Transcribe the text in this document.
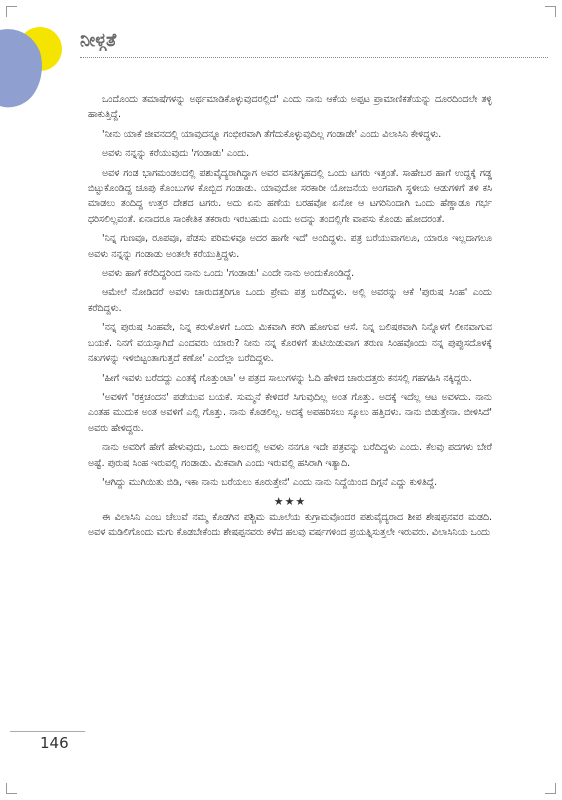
ನೀಳ್ಗತೆ

ಒಂದೊಂದು ತಮಾಷೆಗಳನ್ನು ಅರ್ಥಮಾಡಿಕೊಳ್ಳುವುದರಲ್ಲಿದೆ' ಎಂದು ನಾನು ಆಕೆಯ ಅಪ್ಪಟ ಪ್ರಾಮಾಣಿಕತೆಯನ್ನು ದೂರದಿಂದಲೇ ತಳ್ಳಿ ಹಾಕುತ್ತಿದ್ದೆ.

'ನೀನು ಯಾಕೆ ಜೀವನದಲ್ಲಿ ಯಾವುದನ್ನೂ ಗಂಭೀರವಾಗಿ ತೆಗೆದುಕೊಳ್ಳುವುದಿಲ್ಲ ಗಂಡಾಡೇ' ಎಂದು ವಿಲಾಸಿನಿ ಕೇಳಿದ್ದಳು.

ಅವಳು ನನ್ನನ್ನು ಕರೆಯುವುದು 'ಗಂಡಾಡು' ಎಂದು.

ಅವಳ ಗಂಡ ಭಾಗಮಂಡಲದಲ್ಲಿ ಪಶುವೈದ್ಯರಾಗಿದ್ದಾಗ ಅವರ ವಸತಿಗೃಹದಲ್ಲಿ ಒಂದು ಟಗರು ಇತ್ತಂತೆ. ಸಾಹೇಬರ ಹಾಗೆ ಉದ್ದಕ್ಕೆ ಗಡ್ಡ ಬಿಟ್ಟುಕೊಂಡಿದ್ದ ಚೂಪು ಕೊಂಬುಗಳ ಕೊಬ್ಬಿದ ಗಂಡಾಡು. ಯಾವುದೋ ಸರಕಾರೀ ಯೋಜನೆಯ ಅಂಗವಾಗಿ ಸ್ಥಳೀಯ ಆಡುಗಳಿಗೆ ತಳಿ ಕಸಿ ಮಾಡಲು ತಂದಿದ್ದ ಉತ್ತರ ದೇಶದ ಟಗರು. ಅದು ಏನು ಹಣೆಯ ಬರಹವೋ ಏನೋ ಆ ಟಗರಿನಿಂದಾಗಿ ಒಂದು ಹೆಣ್ಣಾಡೂ ಗರ್ಭ ಧರಿಸಲಿಲ್ಲವಂತೆ. ಏನಾದರೂ ಸಾಂಕೇತಿಕ ತಕರಾರು ಇರಬಹುದು ಎಂದು ಅದನ್ನು ತಂದಲ್ಲಿಗೇ ವಾಪಸು ಕೊಂಡು ಹೋದರಂತೆ.

'ನಿನ್ನ ಗುಣವೂ, ರೂಪವೂ, ಪೆಡಸು ಪರಿಮಳವೂ ಅದರ ಹಾಗೇ ಇದೆ' ಅಂದಿದ್ದಳು. ಪತ್ರ ಬರೆಯುವಾಗಲೂ, ಯಾರೂ ಇಲ್ಲದಾಗಲೂ ಅವಳು ನನ್ನನ್ನು ಗಂಡಾಡು ಅಂತಲೇ ಕರೆಯುತ್ತಿದ್ದಳು.

ಅವಳು ಹಾಗೆ ಕರೆದಿದ್ದರಿಂದ ನಾನು ಒಂದು 'ಗಂಡಾಡು' ಎಂದೇ ನಾನು ಅಂದುಕೊಂಡಿದ್ದೆ.

ಆಮೇಲೆ ನೋಡಿದರೆ ಅವಳು ಚಾರುದತ್ತರಿಗೂ ಒಂದು ಪ್ರೇಮ ಪತ್ರ ಬರೆದಿದ್ದಳು. ಅಲ್ಲಿ ಅವರನ್ನು ಆಕೆ 'ಪುರುಷ ಸಿಂಹ' ಎಂದು ಕರೆದಿದ್ದಳು.

'ನನ್ನ ಪುರುಷ ಸಿಂಹವೇ, ನಿನ್ನ ಕರುಳೊಳಗೆ ಒಂದು ಮಿಕವಾಗಿ ಕರಗಿ ಹೋಗುವ ಆಸೆ. ನಿನ್ನ ಬಲಿಷಠವಾಗಿ ನಿನ್ನೊಳಗೆ ಲೀನವಾಗುವ ಬಯಕೆ. ನಿನಗೆ ವಯಸ್ಸಾಗಿದೆ ಎಂದವರು ಯಾರು? ನೀನು ನನ್ನ ಕೊರಳಿಗೆ ತುಟಿಯಿಡುವಾಗ ತರುಣ ಸಿಂಹವೊಂದು ನನ್ನ ಪುಪ್ಪುಸದೊಳಕ್ಕೆ ನಖಗಳನ್ನು ಇಳಿಬಿಟ್ಟಂತಾಗುತ್ತದೆ ಕಣೋ' ಎಂದೆಲ್ಲಾ ಬರೆದಿದ್ದಳು.

'ಹೀಗೆ ಇವಳು ಬರೆದದ್ದು ಎಂತಕ್ಕೆ ಗೊತ್ತುಂಟಾ' ಆ ಪತ್ರದ ಸಾಲುಗಳನ್ನು ಓದಿ ಹೇಳಿದ ಚಾರುದತ್ತರು ಕನಸಲ್ಲಿ ಗಹಗಹಿಸಿ ನಕ್ಕಿದ್ದರು.

'ಅವಳಿಗೆ 'ರಕ್ತಚಂದನ' ಪಡೆಯುವ ಬಯಕೆ. ಸುಮ್ಮನೆ ಕೇಳಿದರೆ ಸಿಗುವುದಿಲ್ಲ ಅಂತ ಗೊತ್ತು. ಅದಕ್ಕೆ ಇದೆಲ್ಲ ಆಟ ಅವಳದು. ನಾನು ಎಂತಹ ಮುದುಕ ಅಂತ ಅವಳಿಗೆ ಎಲ್ಲಿ ಗೊತ್ತು. ನಾನು ಕೊಡಲಿಲ್ಲ. ಅದಕ್ಕೆ ಅಪಹರಿಸಲು ಸ್ಕೂಲು ಹತ್ತಿದಳು. ನಾನು ಬಿಡುತ್ತೇನಾ. ಬೀಳಿಸಿದೆ' ಅವರು ಹೇಳಿದ್ದರು.

ನಾನು ಅವರಿಗೆ ಹೇಗೆ ಹೇಳುವುದು, ಒಂದು ಕಾಲದಲ್ಲಿ ಅವಳು ನನಗೂ ಇದೇ ಪತ್ರವನ್ನು ಬರೆದಿದ್ದಳು ಎಂದು. ಕೆಲವು ಪದಗಳು ಬೇರೆ ಅಷ್ಟೆ. ಪುರುಷ ಸಿಂಹ ಇರುವಲ್ಲಿ ಗಂಡಾಡು. ಮಿಕವಾಗಿ ಎಂದು ಇರುವಲ್ಲಿ ಹಸಿರಾಗಿ ಇತ್ಯಾದಿ.

'ಆಗಿದ್ದು ಮುಗಿಯಿತು ಬಿಡಿ, ಇಕಾ ನಾನು ಬರೆಯಲು ಕೂರುತ್ತೇನೆ' ಎಂದು ನಾನು ನಿದ್ದೆಯಿಂದ ದಿಗ್ಗನೆ ಎದ್ದು ಕುಳಿತಿದ್ದೆ.

★★★

ಈ ವಿಲಾಸಿನಿ ಎಂಬ ಚೆಲುವೆ ನಮ್ಮ ಕೊಡಗಿನ ಪಶ್ಚಿಮ ಮೂಲೆಯ ಕುಗ್ರಾಮವೊಂದರ ಪಶುವೈದ್ಯರಾದ ಶೀಪ ಶೇಷಪ್ಪನವರ ಮಡದಿ. ಅವಳ ಮಡಿಲಿಗೊಂದು ಮಗು ಕೊಡಬೇಕೆಂದು ಶೇಷಪ್ಪನವರು ಕಳೆದ ಹಲವು ವರ್ಷಗಳಿಂದ ಪ್ರಯತ್ನಿಸುತ್ತಲೇ ಇರುವರು. ವಿಲಾಸಿನಿಯ ಒಂದು

146
